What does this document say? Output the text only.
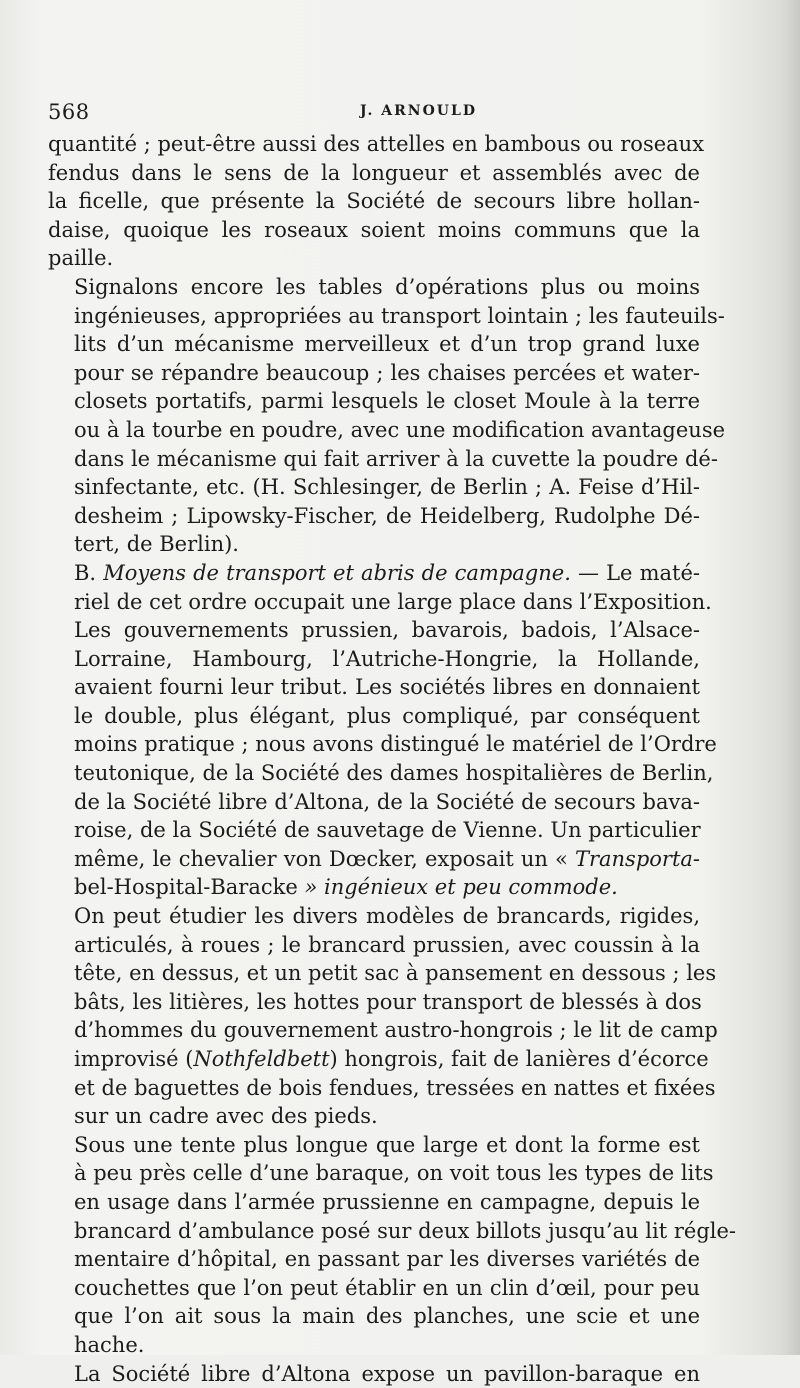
568	J. ARNOULD

quantité ; peut-être aussi des attelles en bambous ou roseaux
fendus dans le sens de la longueur et assemblés avec de
la ficelle, que présente la Société de secours libre hollan-
daise, quoique les roseaux soient moins communs que la
paille.

Signalons encore les tables d’opérations plus ou moins
ingénieuses, appropriées au transport lointain ; les fauteuils-
lits d’un mécanisme merveilleux et d’un trop grand luxe
pour se répandre beaucoup ; les chaises percées et water-
closets portatifs, parmi lesquels le closet Moule à la terre
ou à la tourbe en poudre, avec une modification avantageuse
dans le mécanisme qui fait arriver à la cuvette la poudre dé-
sinfectante, etc. (H. Schlesinger, de Berlin ; A. Feise d’Hil-
desheim ; Lipowsky-Fischer, de Heidelberg, Rudolphe Dé-
tert, de Berlin).

B. Moyens de transport et abris de campagne. — Le maté-
riel de cet ordre occupait une large place dans l’Exposition.
Les gouvernements prussien, bavarois, badois, l’Alsace-
Lorraine, Hambourg, l’Autriche-Hongrie, la Hollande,
avaient fourni leur tribut. Les sociétés libres en donnaient
le double, plus élégant, plus compliqué, par conséquent
moins pratique ; nous avons distingué le matériel de l’Ordre
teutonique, de la Société des dames hospitalières de Berlin,
de la Société libre d’Altona, de la Société de secours bava-
roise, de la Société de sauvetage de Vienne. Un particulier
même, le chevalier von Dœcker, exposait un « Transporta-
bel-Hospital-Baracke » ingénieux et peu commode.

On peut étudier les divers modèles de brancards, rigides,
articulés, à roues ; le brancard prussien, avec coussin à la
tête, en dessus, et un petit sac à pansement en dessous ; les
bâts, les litières, les hottes pour transport de blessés à dos
d’hommes du gouvernement austro-hongrois ; le lit de camp
improvisé (Nothfeldbett) hongrois, fait de lanières d’écorce
et de baguettes de bois fendues, tressées en nattes et fixées
sur un cadre avec des pieds.

Sous une tente plus longue que large et dont la forme est
à peu près celle d’une baraque, on voit tous les types de lits
en usage dans l’armée prussienne en campagne, depuis le
brancard d’ambulance posé sur deux billots jusqu’au lit régle-
mentaire d’hôpital, en passant par les diverses variétés de
couchettes que l’on peut établir en un clin d’œil, pour peu
que l’on ait sous la main des planches, une scie et une
hache.

La Société libre d’Altona expose un pavillon-baraque en
